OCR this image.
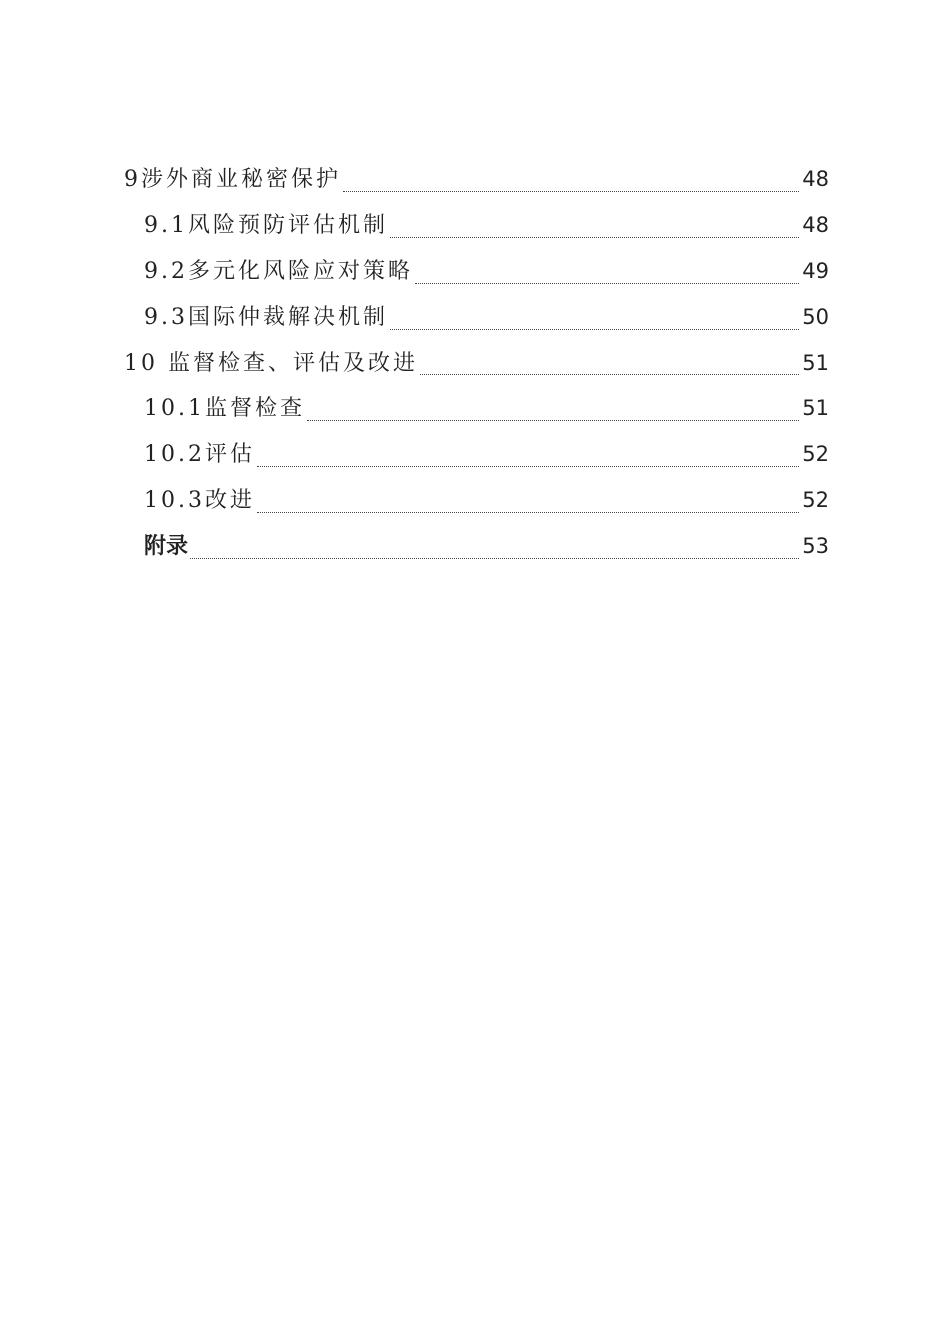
9 涉外商业秘密保护	48
9.1 风险预防评估机制	48
9.2 多元化风险应对策略	49
9.3 国际仲裁解决机制	50
10 监督检查、评估及改进	51
10.1 监督检查	51
10.2 评估	52
10.3 改进	52
附录	53
